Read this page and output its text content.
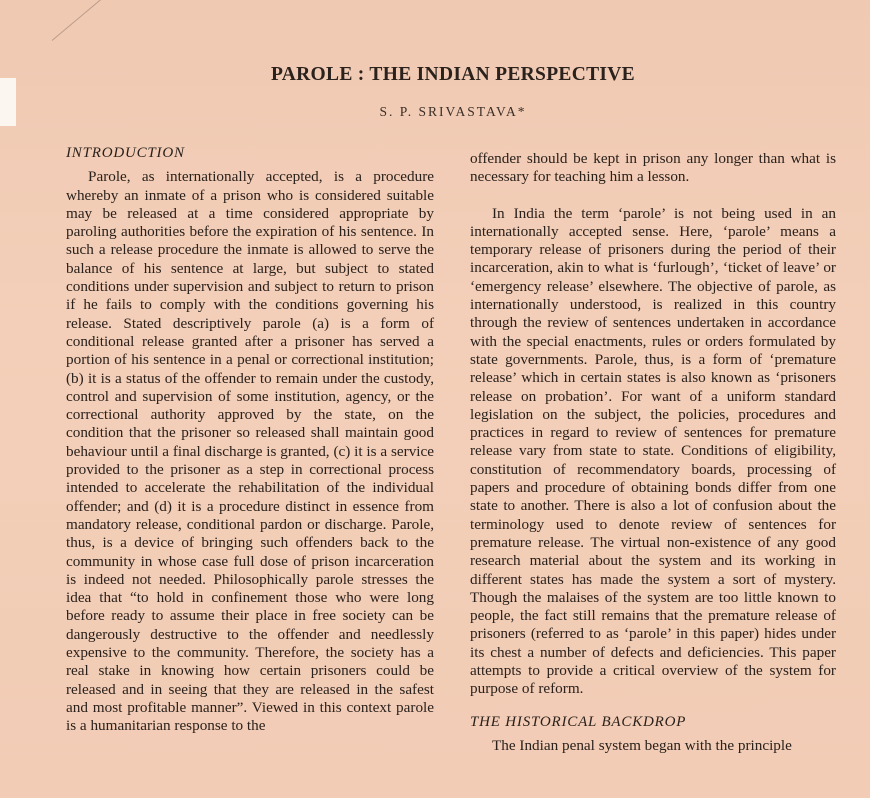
PAROLE : THE INDIAN PERSPECTIVE
S. P. SRIVASTAVA*
INTRODUCTION

Parole, as internationally accepted, is a procedure whereby an inmate of a prison who is considered suitable may be released at a time considered appropriate by paroling authorities before the expiration of his sentence. In such a release procedure the inmate is allowed to serve the balance of his sentence at large, but subject to stated conditions under supervision and subject to return to prison if he fails to comply with the conditions governing his release. Stated descriptively parole (a) is a form of conditional release granted after a prisoner has served a portion of his sentence in a penal or correctional institution; (b) it is a status of the offender to remain under the custody, control and supervision of some institution, agency, or the correctional authority approved by the state, on the condition that the prisoner so released shall maintain good behaviour until a final discharge is granted, (c) it is a service provided to the prisoner as a step in correctional process intended to accelerate the rehabilitation of the individual offender; and (d) it is a procedure distinct in essence from mandatory release, conditional pardon or discharge. Parole, thus, is a device of bringing such offenders back to the community in whose case full dose of prison incarceration is indeed not needed. Philosophically parole stresses the idea that “to hold in confinement those who were long before ready to assume their place in free society can be dangerously destructive to the offender and needlessly expensive to the community. Therefore, the society has a real stake in knowing how certain prisoners could be released and in seeing that they are released in the safest and most profitable manner”. Viewed in this context parole is a humanitarian response to the

offender should be kept in prison any longer than what is necessary for teaching him a lesson.

In India the term ‘parole’ is not being used in an internationally accepted sense. Here, ‘parole’ means a temporary release of prisoners during the period of their incarceration, akin to what is ‘furlough’, ‘ticket of leave’ or ‘emergency release’ elsewhere. The objective of parole, as internationally understood, is realized in this country through the review of sentences undertaken in accordance with the special enactments, rules or orders formulated by state governments. Parole, thus, is a form of ‘premature release’ which in certain states is also known as ‘prisoners release on probation’. For want of a uniform standard legislation on the subject, the policies, procedures and practices in regard to review of sentences for premature release vary from state to state. Conditions of eligibility, constitution of recommendatory boards, processing of papers and procedure of obtaining bonds differ from one state to another. There is also a lot of confusion about the terminology used to denote review of sentences for premature release. The virtual non-existence of any good research material about the system and its working in different states has made the system a sort of mystery. Though the malaises of the system are too little known to people, the fact still remains that the premature release of prisoners (referred to as ‘parole’ in this paper) hides under its chest a number of defects and deficiencies. This paper attempts to provide a critical overview of the system for purpose of reform.

THE HISTORICAL BACKDROP

The Indian penal system began with the principle
